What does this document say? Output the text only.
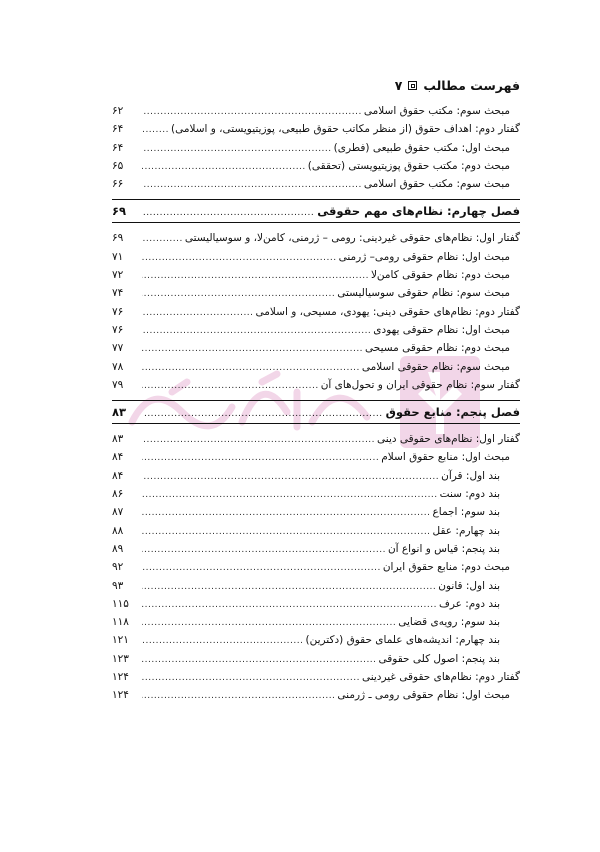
فهرست مطالب
۷
مبحث سوم: مکتب حقوق اسلامی
.....
۶۲
گفتار دوم: اهداف حقوق (از منظر مکاتب حقوق طبیعی، پوزیتیویستی، و اسلامی)
.....
۶۴
مبحث اول: مکتب حقوق طبیعی (فطری)
.....
۶۴
مبحث دوم: مکتب حقوق پوزیتیویستی (تحققی)
.....
۶۵
مبحث سوم: مکتب حقوق اسلامی
.....
۶۶
فصل چهارم: نظام‌های مهم حقوقی
.....
۶۹
گفتار اول: نظام‌های حقوقی غیردینی: رومی – ژرمنی، کامن‌لا، و سوسیالیستی
.....
۶۹
مبحث اول: نظام حقوقی رومی– ژرمنی
.....
۷۱
مبحث دوم: نظام حقوقی کامن‌لا
.....
۷۲
مبحث سوم: نظام حقوقی سوسیالیستی
.....
۷۴
گفتار دوم: نظام‌های حقوقی دینی: یهودی، مسیحی، و اسلامی
.....
۷۶
مبحث اول: نظام حقوقی یهودی
.....
۷۶
مبحث دوم: نظام حقوقی مسیحی
.....
۷۷
مبحث سوم: نظام حقوقی اسلامی
.....
۷۸
گفتار سوم: نظام حقوقی ایران و تحول‌های آن
.....
۷۹
فصل پنجم: منابع حقوق
.....
۸۳
گفتار اول: نظام‌های حقوقی دینی
.....
۸۳
مبحث اول: منابع حقوق اسلام
.....
۸۴
بند اول: قرآن
.....
۸۴
بند دوم: سنت
.....
۸۶
بند سوم: اجماع
.....
۸۷
بند چهارم: عقل
.....
۸۸
بند پنجم: قیاس و انواع آن
.....
۸۹
مبحث دوم: منابع حقوق ایران
.....
۹۲
بند اول: قانون
.....
۹۳
بند دوم: عرف
.....
۱۱۵
بند سوم: رویه‌ی قضایی
.....
۱۱۸
بند چهارم: اندیشه‌های علمای حقوق (دکترین)
.....
۱۲۱
بند پنجم: اصول کلی حقوقی
.....
۱۲۳
گفتار دوم: نظام‌های حقوقی غیردینی
.....
۱۲۴
مبحث اول: نظام حقوقی رومی ـ ژرمنی
.....
۱۲۴
